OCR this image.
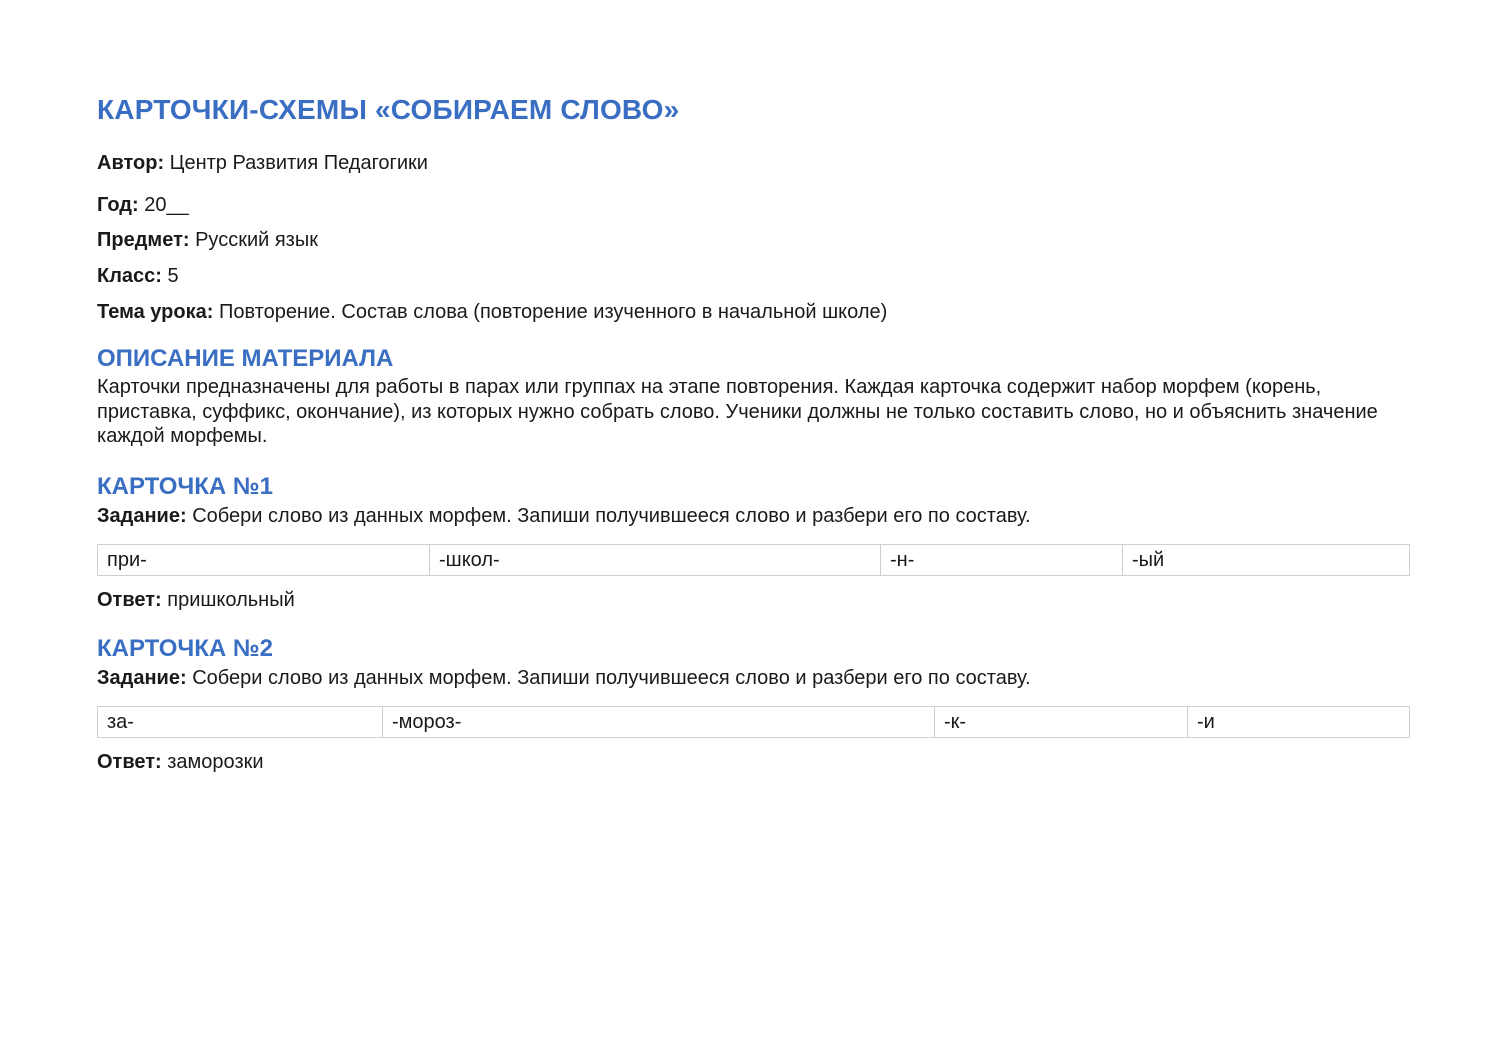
КАРТОЧКИ-СХЕМЫ «СОБИРАЕМ СЛОВО»

Автор: Центр Развития Педагогики

Год: 20__

Предмет: Русский язык

Класс: 5

Тема урока: Повторение. Состав слова (повторение изученного в начальной школе)

ОПИСАНИЕ МАТЕРИАЛА

Карточки предназначены для работы в парах или группах на этапе повторения. Каждая карточка содержит набор морфем (корень, приставка, суффикс, окончание), из которых нужно собрать слово. Ученики должны не только составить слово, но и объяснить значение каждой морфемы.

КАРТОЧКА №1

Задание: Собери слово из данных морфем. Запиши получившееся слово и разбери его по составу.

при-	-школ-	-н-	-ый

Ответ: пришкольный

КАРТОЧКА №2

Задание: Собери слово из данных морфем. Запиши получившееся слово и разбери его по составу.

за-	-мороз-	-к-	-и

Ответ: заморозки
